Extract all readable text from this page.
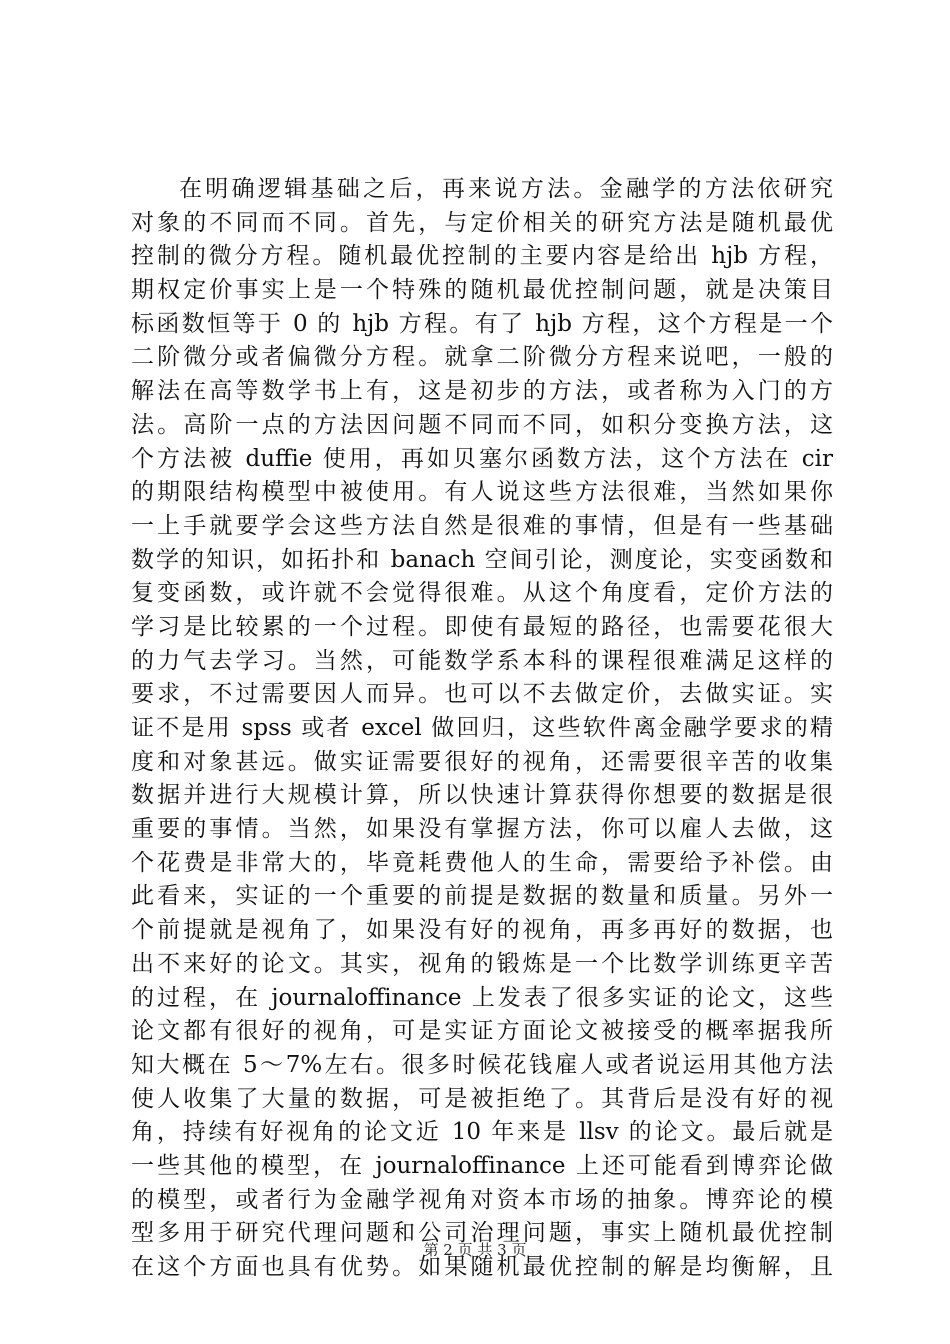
在明确逻辑基础之后，再来说方法。金融学的方法依研究
对象的不同而不同。首先，与定价相关的研究方法是随机最优
控制的微分方程。随机最优控制的主要内容是给出 hjb 方程，
期权定价事实上是一个特殊的随机最优控制问题，就是决策目
标函数恒等于 0 的 hjb 方程。有了 hjb 方程，这个方程是一个
二阶微分或者偏微分方程。就拿二阶微分方程来说吧，一般的
解法在高等数学书上有，这是初步的方法，或者称为入门的方
法。高阶一点的方法因问题不同而不同，如积分变换方法，这
个方法被 duffie 使用，再如贝塞尔函数方法，这个方法在 cir
的期限结构模型中被使用。有人说这些方法很难，当然如果你
一上手就要学会这些方法自然是很难的事情，但是有一些基础
数学的知识，如拓扑和 banach 空间引论，测度论，实变函数和
复变函数，或许就不会觉得很难。从这个角度看，定价方法的
学习是比较累的一个过程。即使有最短的路径，也需要花很大
的力气去学习。当然，可能数学系本科的课程很难满足这样的
要求，不过需要因人而异。也可以不去做定价，去做实证。实
证不是用 spss 或者 excel 做回归，这些软件离金融学要求的精
度和对象甚远。做实证需要很好的视角，还需要很辛苦的收集
数据并进行大规模计算，所以快速计算获得你想要的数据是很
重要的事情。当然，如果没有掌握方法，你可以雇人去做，这
个花费是非常大的，毕竟耗费他人的生命，需要给予补偿。由
此看来，实证的一个重要的前提是数据的数量和质量。另外一
个前提就是视角了，如果没有好的视角，再多再好的数据，也
出不来好的论文。其实，视角的锻炼是一个比数学训练更辛苦
的过程，在 journaloffinance 上发表了很多实证的论文，这些
论文都有很好的视角，可是实证方面论文被接受的概率据我所
知大概在 5～7%左右。很多时候花钱雇人或者说运用其他方法
使人收集了大量的数据，可是被拒绝了。其背后是没有好的视
角，持续有好视角的论文近 10 年来是 llsv 的论文。最后就是
一些其他的模型，在 journaloffinance 上还可能看到博弈论做
的模型，或者行为金融学视角对资本市场的抽象。博弈论的模
型多用于研究代理问题和公司治理问题，事实上随机最优控制
在这个方面也具有优势。如果随机最优控制的解是均衡解，且
第 2 页 共 3 页
